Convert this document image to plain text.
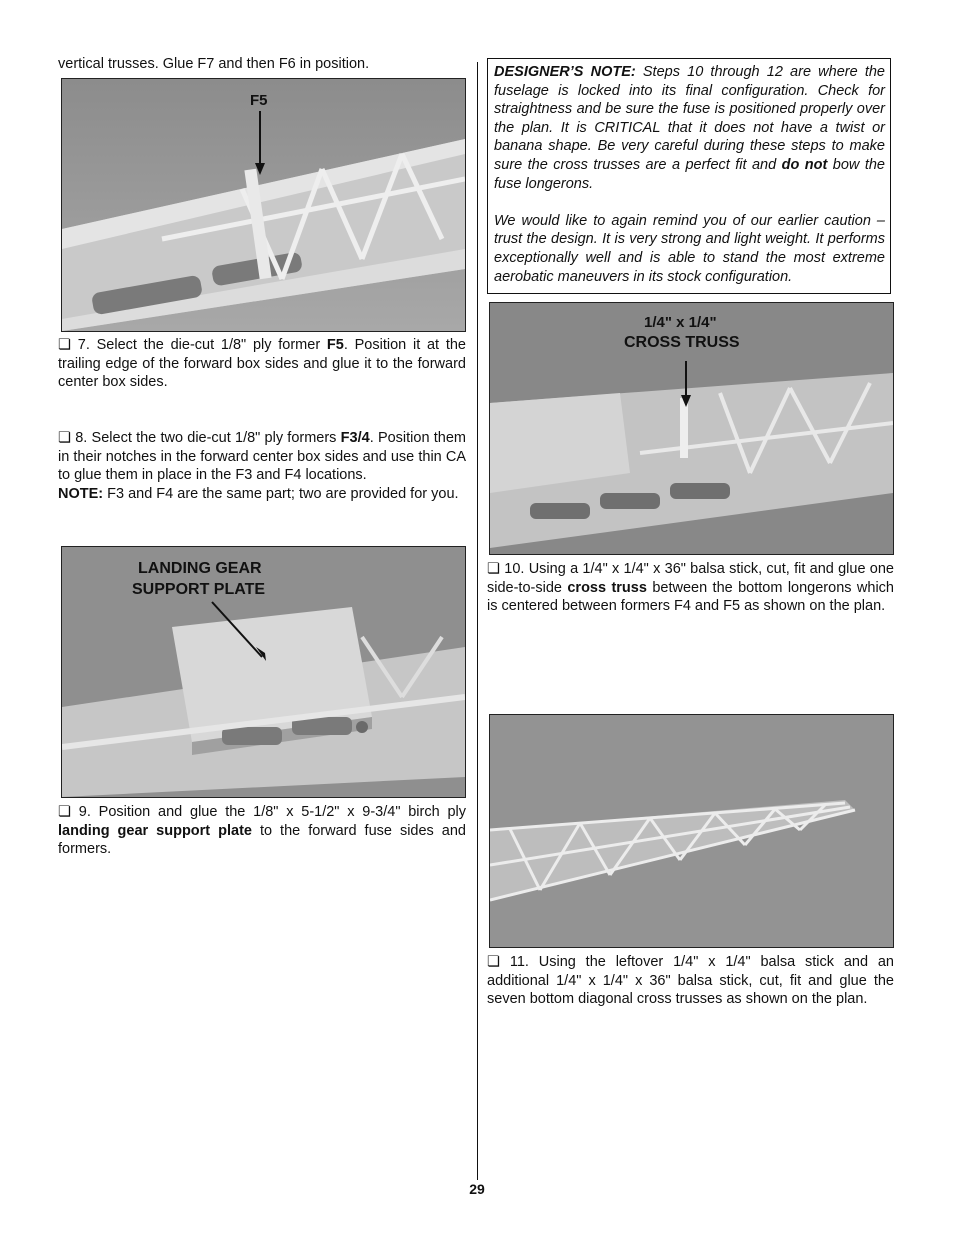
vertical trusses. Glue F7 and then F6 in position.
F5
❏ 7. Select the die-cut 1/8" ply former F5. Position it at the trailing edge of the forward box sides and glue it to the forward center box sides.
❏ 8. Select the two die-cut 1/8" ply formers F3/4. Position them in their notches in the forward center box sides and use thin CA to glue them in place in the F3 and F4 locations.
NOTE: F3 and F4 are the same part; two are provided for you.
LANDING GEAR
SUPPORT PLATE
❏ 9. Position and glue the 1/8" x 5-1/2" x 9-3/4" birch ply landing gear support plate to the forward fuse sides and formers.
DESIGNER’S NOTE: Steps 10 through 12 are where the fuselage is locked into its final configuration. Check for straightness and be sure the fuse is positioned properly over the plan. It is CRITICAL that it does not have a twist or banana shape. Be very careful during these steps to make sure the cross trusses are a perfect fit and do not bow the fuse longerons.
We would like to again remind you of our earlier caution – trust the design. It is very strong and light weight. It performs exceptionally well and is able to stand the most extreme aerobatic maneuvers in its stock configuration.
1/4" x 1/4"
CROSS TRUSS
❏ 10. Using a 1/4" x 1/4" x 36" balsa stick, cut, fit and glue one side-to-side cross truss between the bottom longerons which is centered between formers F4 and F5 as shown on the plan.
❏ 11. Using the leftover 1/4" x 1/4" balsa stick and an additional 1/4" x 1/4" x 36" balsa stick, cut, fit and glue the seven bottom diagonal cross trusses as shown on the plan.
29
